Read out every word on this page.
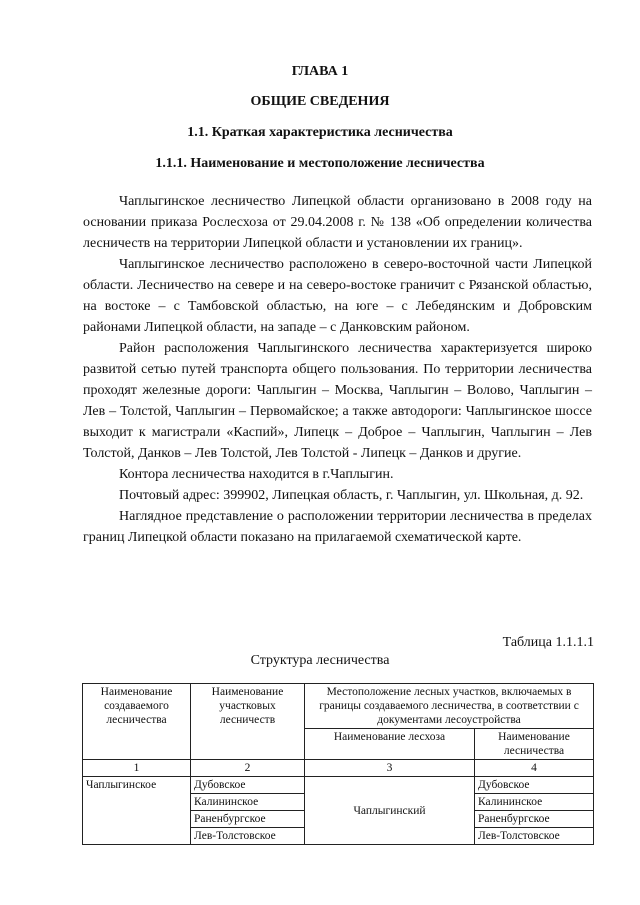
ГЛАВА 1
ОБЩИЕ СВЕДЕНИЯ
1.1. Краткая характеристика лесничества
1.1.1. Наименование и местоположение лесничества

Чаплыгинское лесничество Липецкой области организовано в 2008 году на основании приказа Рослесхоза от 29.04.2008 г. № 138 «Об определении количества лесничеств на территории Липецкой области и установлении их границ».

Чаплыгинское лесничество расположено в северо-восточной части Липецкой области. Лесничество на севере и на северо-востоке граничит с Рязанской областью, на востоке – с Тамбовской областью, на юге – с Лебедянским и Добровским районами Липецкой области, на западе – с Данковским районом.

Район расположения Чаплыгинского лесничества характеризуется широко развитой сетью путей транспорта общего пользования. По территории лесничества проходят железные дороги: Чаплыгин – Москва, Чаплыгин – Волово, Чаплыгин – Лев – Толстой, Чаплыгин – Первомайское; а также автодороги: Чаплыгинское шоссе выходит к магистрали «Каспий», Липецк – Доброе – Чаплыгин, Чаплыгин – Лев Толстой, Данков – Лев Толстой, Лев Толстой - Липецк – Данков и другие.

Контора лесничества находится в г.Чаплыгин.

Почтовый адрес: 399902, Липецкая область, г. Чаплыгин, ул. Школьная, д. 92.

Наглядное представление о расположении территории лесничества в пределах границ Липецкой области показано на прилагаемой схематической карте.

Таблица 1.1.1.1
Структура лесничества
Наименование создаваемого лесничества	Наименование участковых лесничеств	Местоположение лесных участков, включаемых в границы создаваемого лесничества, в соответствии с документами лесоустройства	
		Наименование лесхоза	Наименование лесничества
1	2	3	4
Чаплыгинское	Дубовское	Чаплыгинский	Дубовское
	Калининское		Калининское
	Раненбургское		Раненбургское
	Лев-Толстовское		Лев-Толстовское
